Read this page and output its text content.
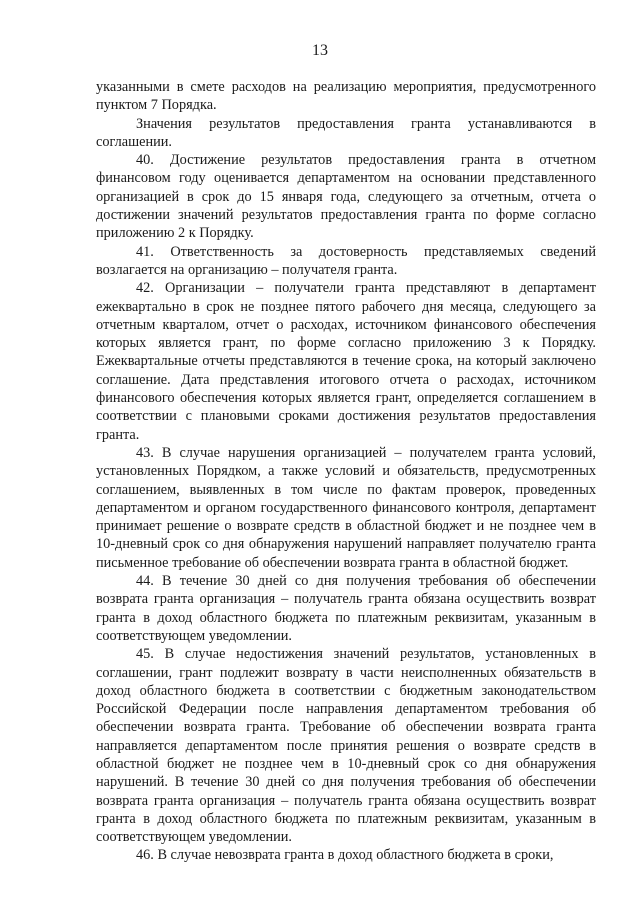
13

указанными в смете расходов на реализацию мероприятия, предусмотренного пунктом 7 Порядка.

Значения результатов предоставления гранта устанавливаются в соглашении.

40. Достижение результатов предоставления гранта в отчетном финансовом году оценивается департаментом на основании представленного организацией в срок до 15 января года, следующего за отчетным, отчета о достижении значений результатов предоставления гранта по форме согласно приложению 2 к Порядку.

41. Ответственность за достоверность представляемых сведений возлагается на организацию – получателя гранта.

42. Организации – получатели гранта представляют в департамент ежеквартально в срок не позднее пятого рабочего дня месяца, следующего за отчетным кварталом, отчет о расходах, источником финансового обеспечения которых является грант, по форме согласно приложению 3 к Порядку. Ежеквартальные отчеты представляются в течение срока, на который заключено соглашение. Дата представления итогового отчета о расходах, источником финансового обеспечения которых является грант, определяется соглашением в соответствии с плановыми сроками достижения результатов предоставления гранта.

43. В случае нарушения организацией – получателем гранта условий, установленных Порядком, а также условий и обязательств, предусмотренных соглашением, выявленных в том числе по фактам проверок, проведенных департаментом и органом государственного финансового контроля, департамент принимает решение о возврате средств в областной бюджет и не позднее чем в 10-дневный срок со дня обнаружения нарушений направляет получателю гранта письменное требование об обеспечении возврата гранта в областной бюджет.

44. В течение 30 дней со дня получения требования об обеспечении возврата гранта организация – получатель гранта обязана осуществить возврат гранта в доход областного бюджета по платежным реквизитам, указанным в соответствующем уведомлении.

45. В случае недостижения значений результатов, установленных в соглашении, грант подлежит возврату в части неисполненных обязательств в доход областного бюджета в соответствии с бюджетным законодательством Российской Федерации после направления департаментом требования об обеспечении возврата гранта. Требование об обеспечении возврата гранта направляется департаментом после принятия решения о возврате средств в областной бюджет не позднее чем в 10-дневный срок со дня обнаружения нарушений. В течение 30 дней со дня получения требования об обеспечении возврата гранта организация – получатель гранта обязана осуществить возврат гранта в доход областного бюджета по платежным реквизитам, указанным в соответствующем уведомлении.

46. В случае невозврата гранта в доход областного бюджета в сроки,
